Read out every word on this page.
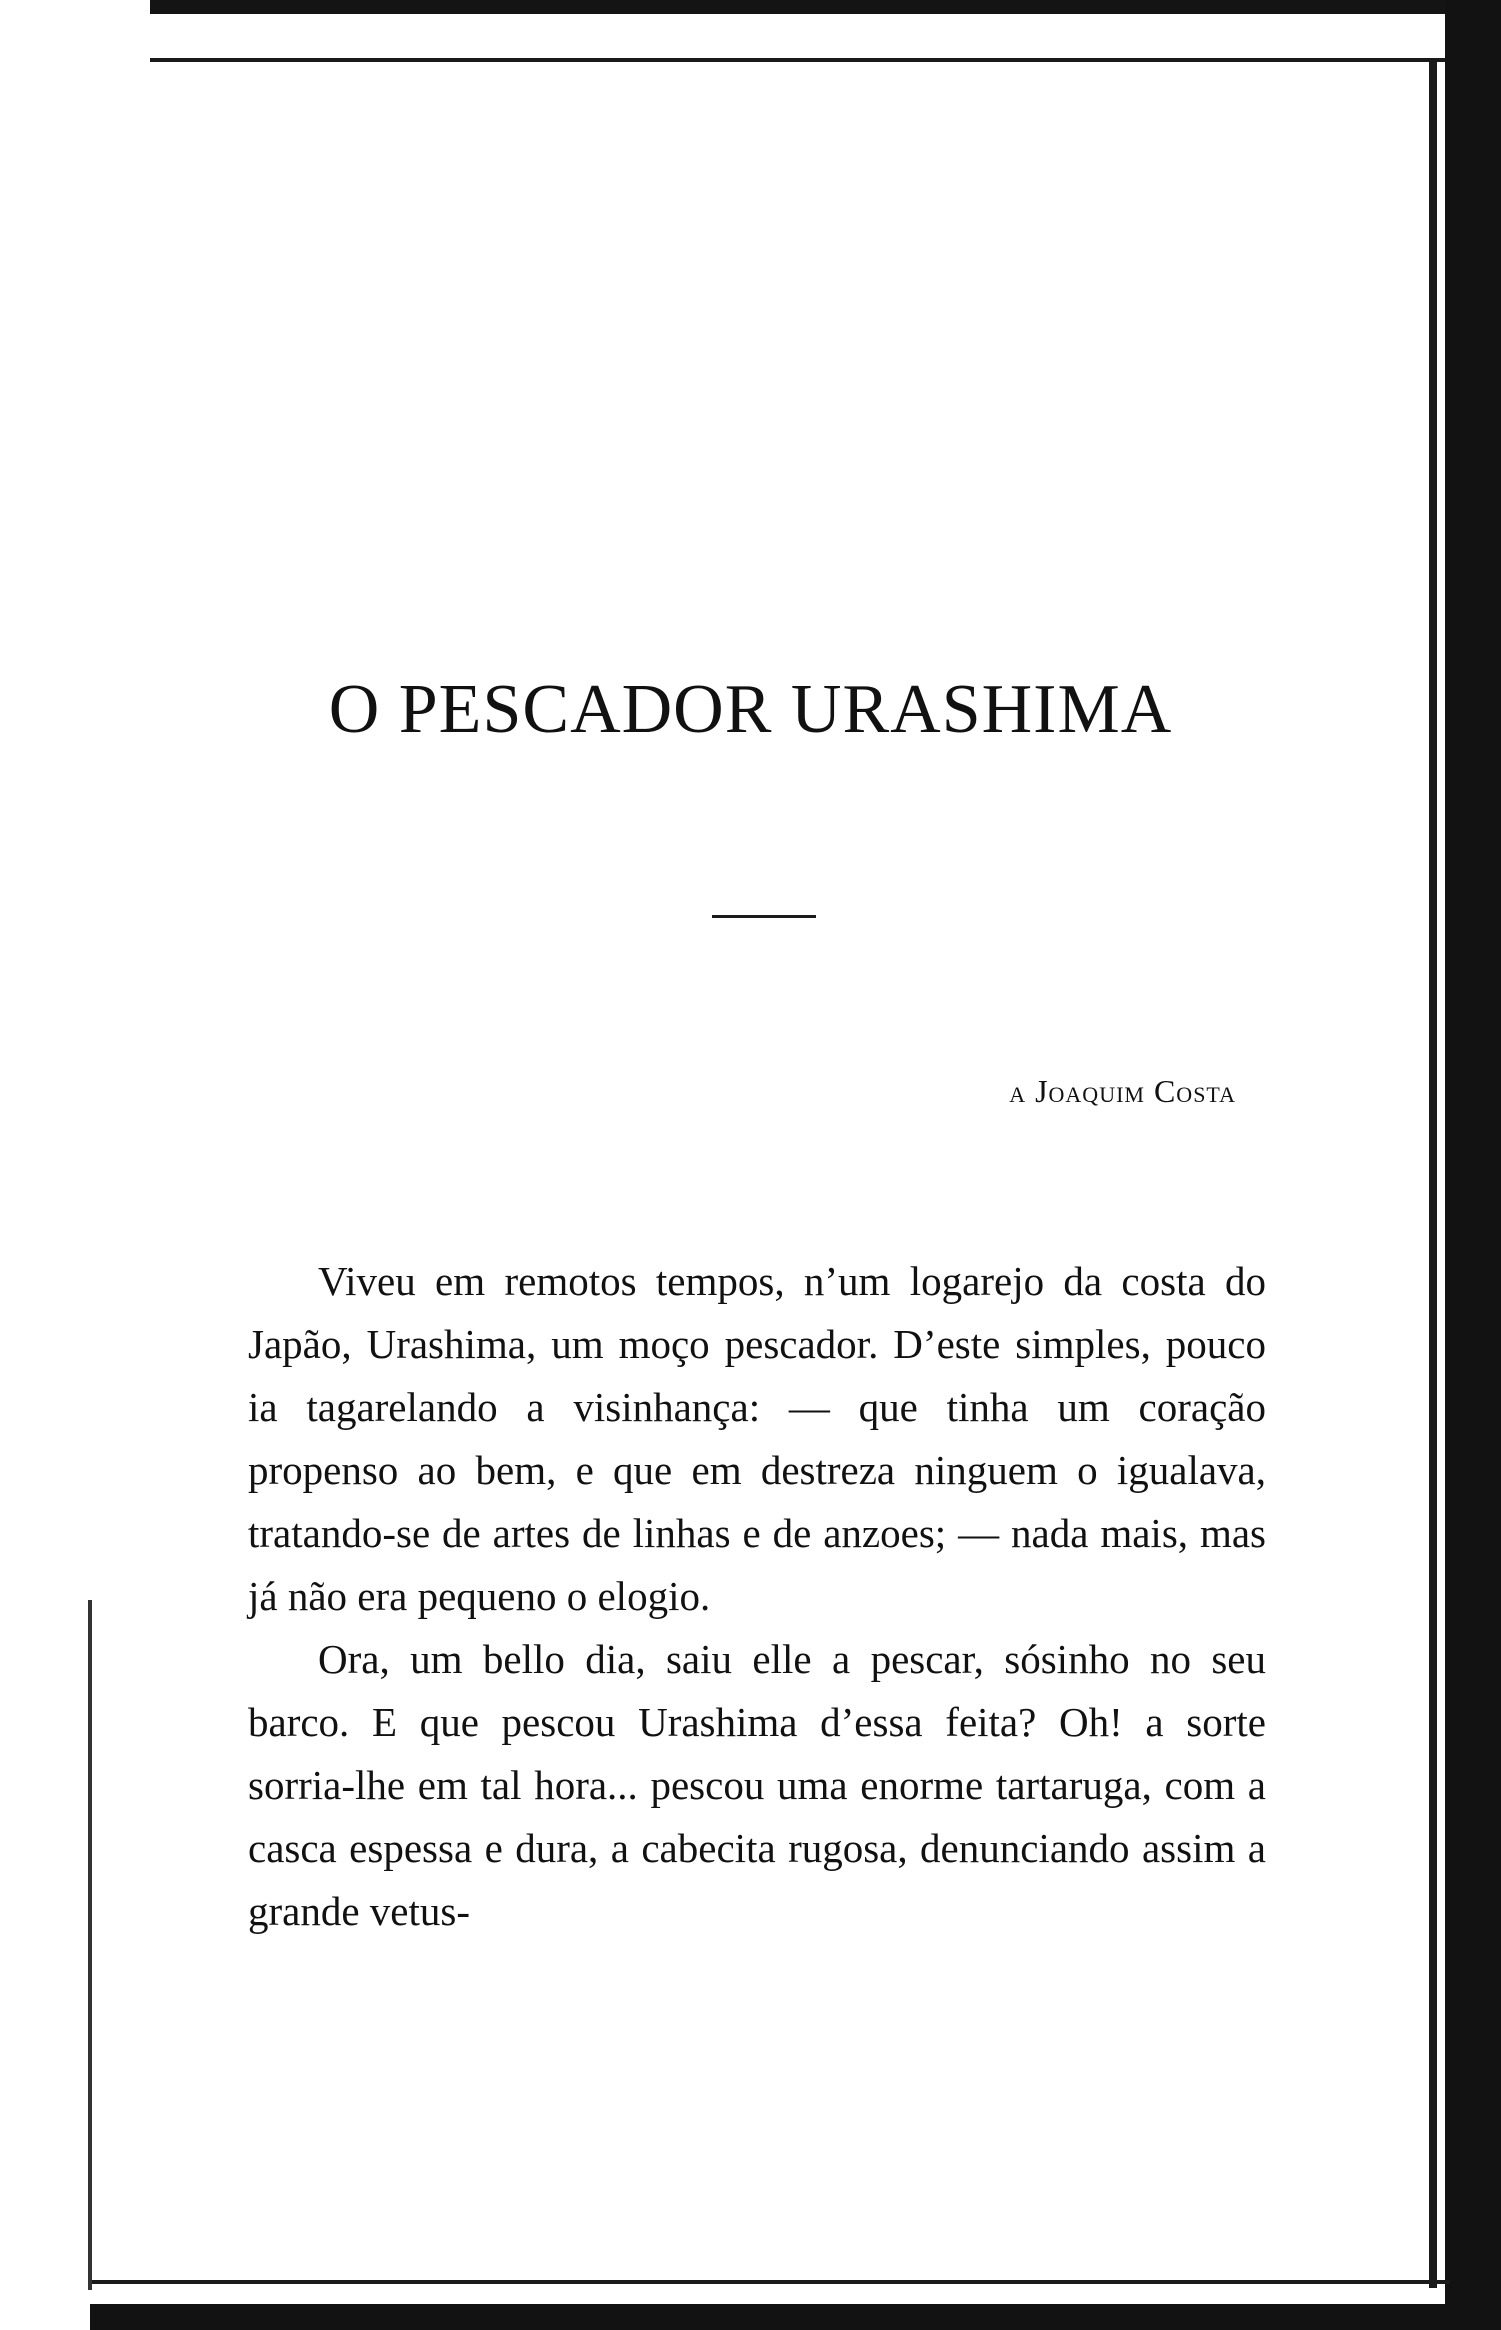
O PESCADOR URASHIMA
a Joaquim Costa

Viveu em remotos tempos, n’um logarejo da costa do Japão, Urashima, um moço pescador. D’este simples, pouco ia tagarelando a visinhança: — que tinha um coração propenso ao bem, e que em destreza ninguem o igualava, tratando-se de artes de linhas e de anzoes; — nada mais, mas já não era pequeno o elogio.

Ora, um bello dia, saiu elle a pescar, sósinho no seu barco. E que pescou Urashima d’essa feita? Oh! a sorte sorria-lhe em tal hora... pescou uma enorme tartaruga, com a casca espessa e dura, a cabecita rugosa, denunciando assim a grande vetus-
